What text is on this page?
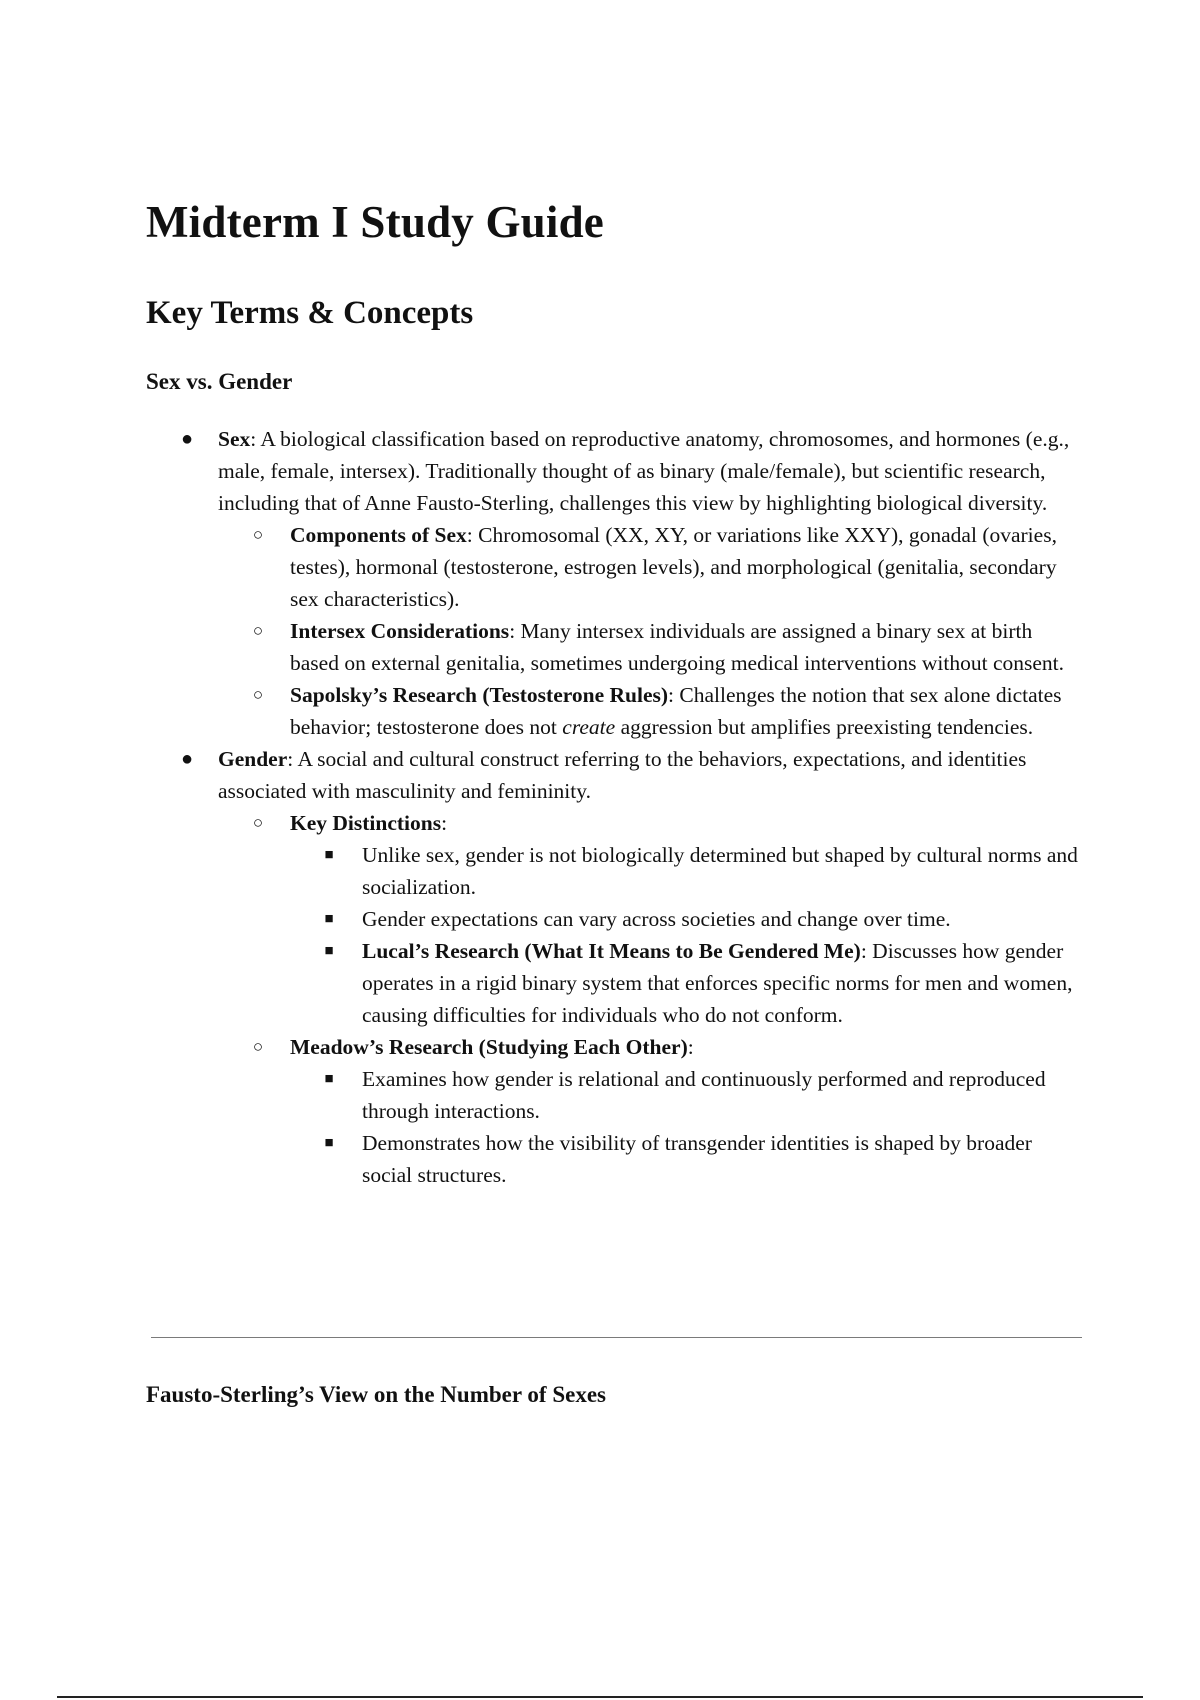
Midterm I Study Guide
Key Terms & Concepts
Sex vs. Gender
● Sex: A biological classification based on reproductive anatomy, chromosomes, and hormones (e.g., male, female, intersex). Traditionally thought of as binary (male/female), but scientific research, including that of Anne Fausto-Sterling, challenges this view by highlighting biological diversity.
○ Components of Sex: Chromosomal (XX, XY, or variations like XXY), gonadal (ovaries, testes), hormonal (testosterone, estrogen levels), and morphological (genitalia, secondary sex characteristics).
○ Intersex Considerations: Many intersex individuals are assigned a binary sex at birth based on external genitalia, sometimes undergoing medical interventions without consent.
○ Sapolsky’s Research (Testosterone Rules): Challenges the notion that sex alone dictates behavior; testosterone does not create aggression but amplifies preexisting tendencies.
● Gender: A social and cultural construct referring to the behaviors, expectations, and identities associated with masculinity and femininity.
○ Key Distinctions:
■ Unlike sex, gender is not biologically determined but shaped by cultural norms and socialization.
■ Gender expectations can vary across societies and change over time.
■ Lucal’s Research (What It Means to Be Gendered Me): Discusses how gender operates in a rigid binary system that enforces specific norms for men and women, causing difficulties for individuals who do not conform.
○ Meadow’s Research (Studying Each Other):
■ Examines how gender is relational and continuously performed and reproduced through interactions.
■ Demonstrates how the visibility of transgender identities is shaped by broader social structures.
Fausto-Sterling’s View on the Number of Sexes
